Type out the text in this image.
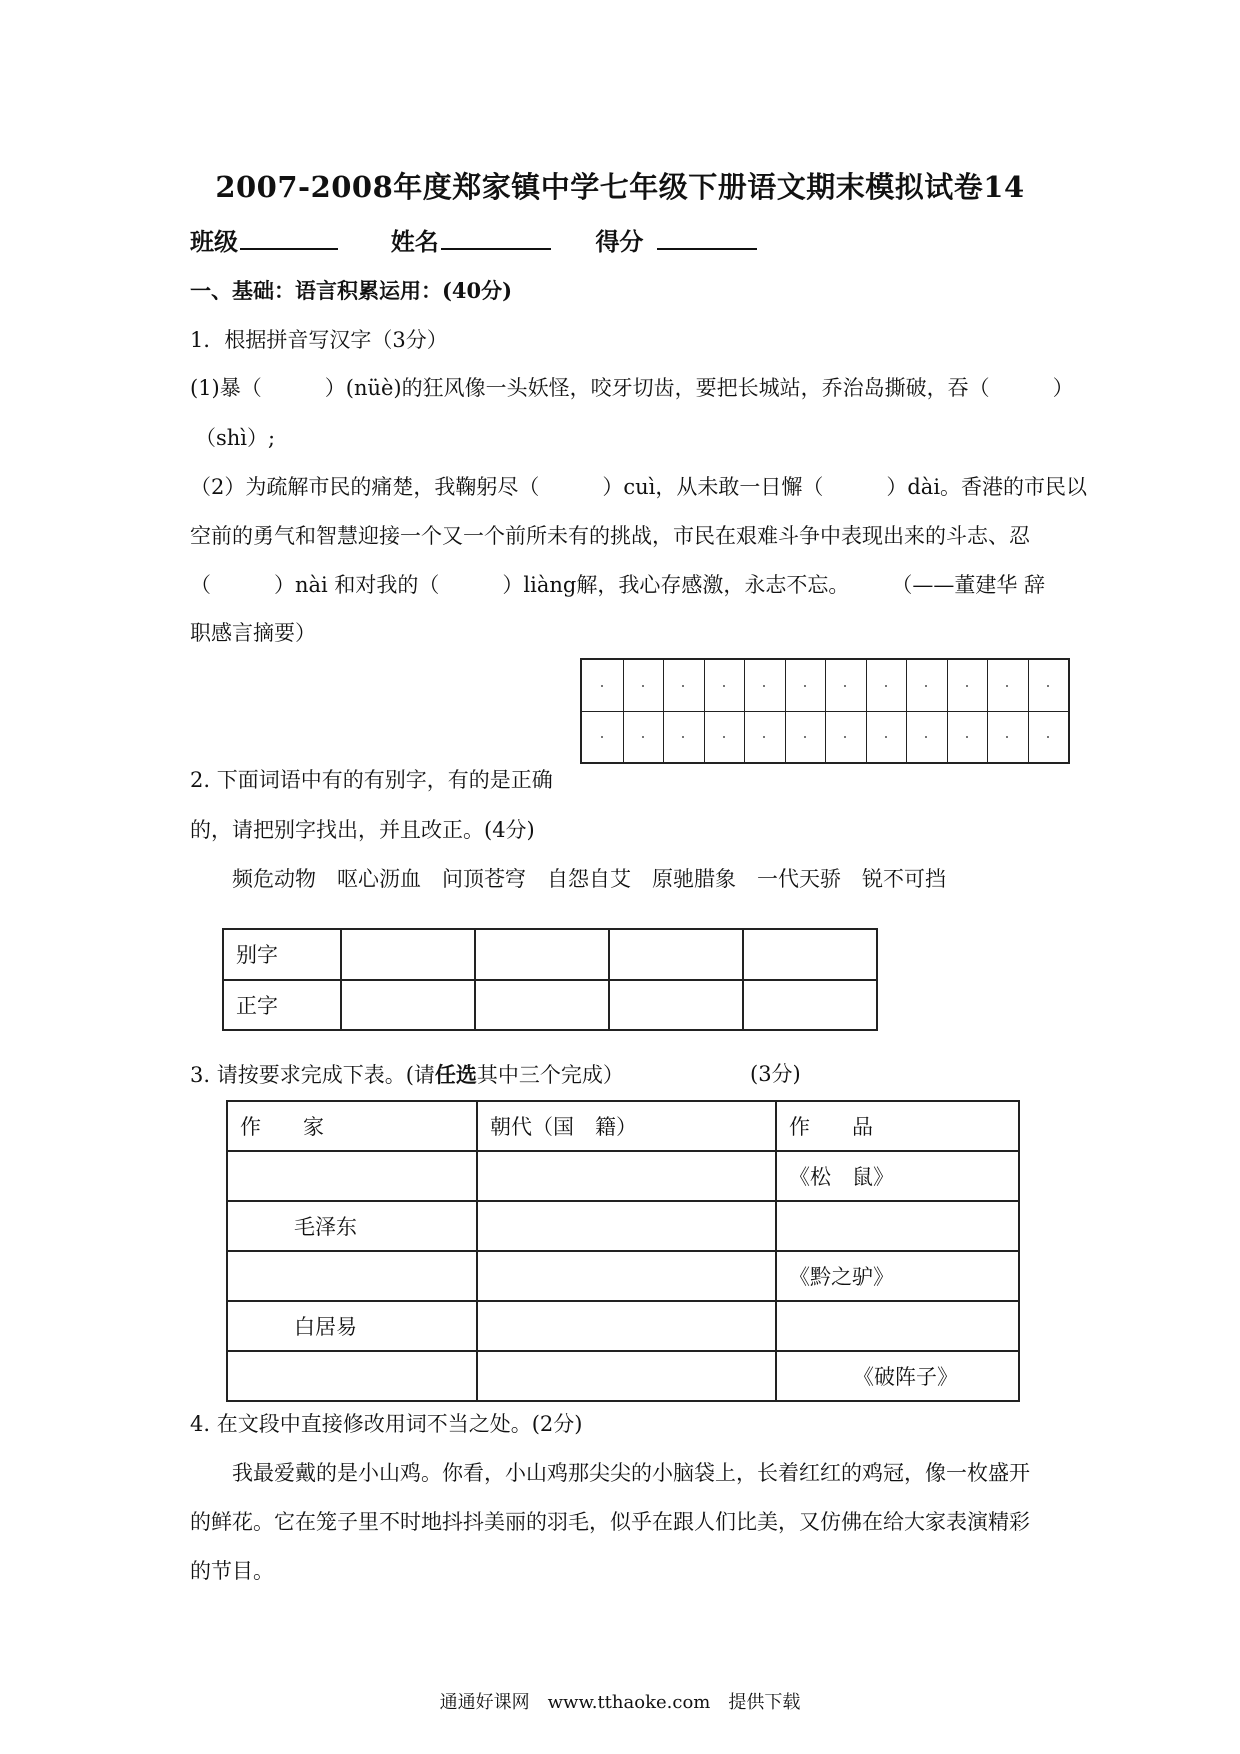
2007-2008年度郑家镇中学七年级下册语文期末模拟试卷14
班级	姓名	得分
一、基础：语言积累运用：(40分)
1．根据拼音写汉字（3分）
(1)暴（　　　）(nüè)的狂风像一头妖怪，咬牙切齿，要把长城站，乔治岛撕破，吞（　　　）
（shì）;
（2）为疏解市民的痛楚，我鞠躬尽（　　　）cuì，从未敢一日懈（　　　）dài。香港的市民以
空前的勇气和智慧迎接一个又一个前所未有的挑战，市民在艰难斗争中表现出来的斗志、忍
（　　　）nài 和对我的（　　　）liàng解，我心存感激，永志不忘。　　　（——董建华 辞
职感言摘要）
2. 下面词语中有的有别字，有的是正确
的，请把别字找出，并且改正。(4分)
频危动物　呕心沥血　问顶苍穹　自怨自艾　原驰腊象　一代天骄　锐不可挡
别字				
正字				
3. 请按要求完成下表。(请任选其中三个完成）	(3分)
作　　家	朝代（国　籍）	作　　品
		《松　鼠》
毛泽东		
		《黔之驴》
白居易		
		《破阵子》
4. 在文段中直接修改用词不当之处。(2分)
我最爱戴的是小山鸡。你看，小山鸡那尖尖的小脑袋上，长着红红的鸡冠，像一枚盛开
的鲜花。它在笼子里不时地抖抖美丽的羽毛，似乎在跟人们比美，又仿佛在给大家表演精彩
的节目。
通通好课网　www.tthaoke.com　提供下载
